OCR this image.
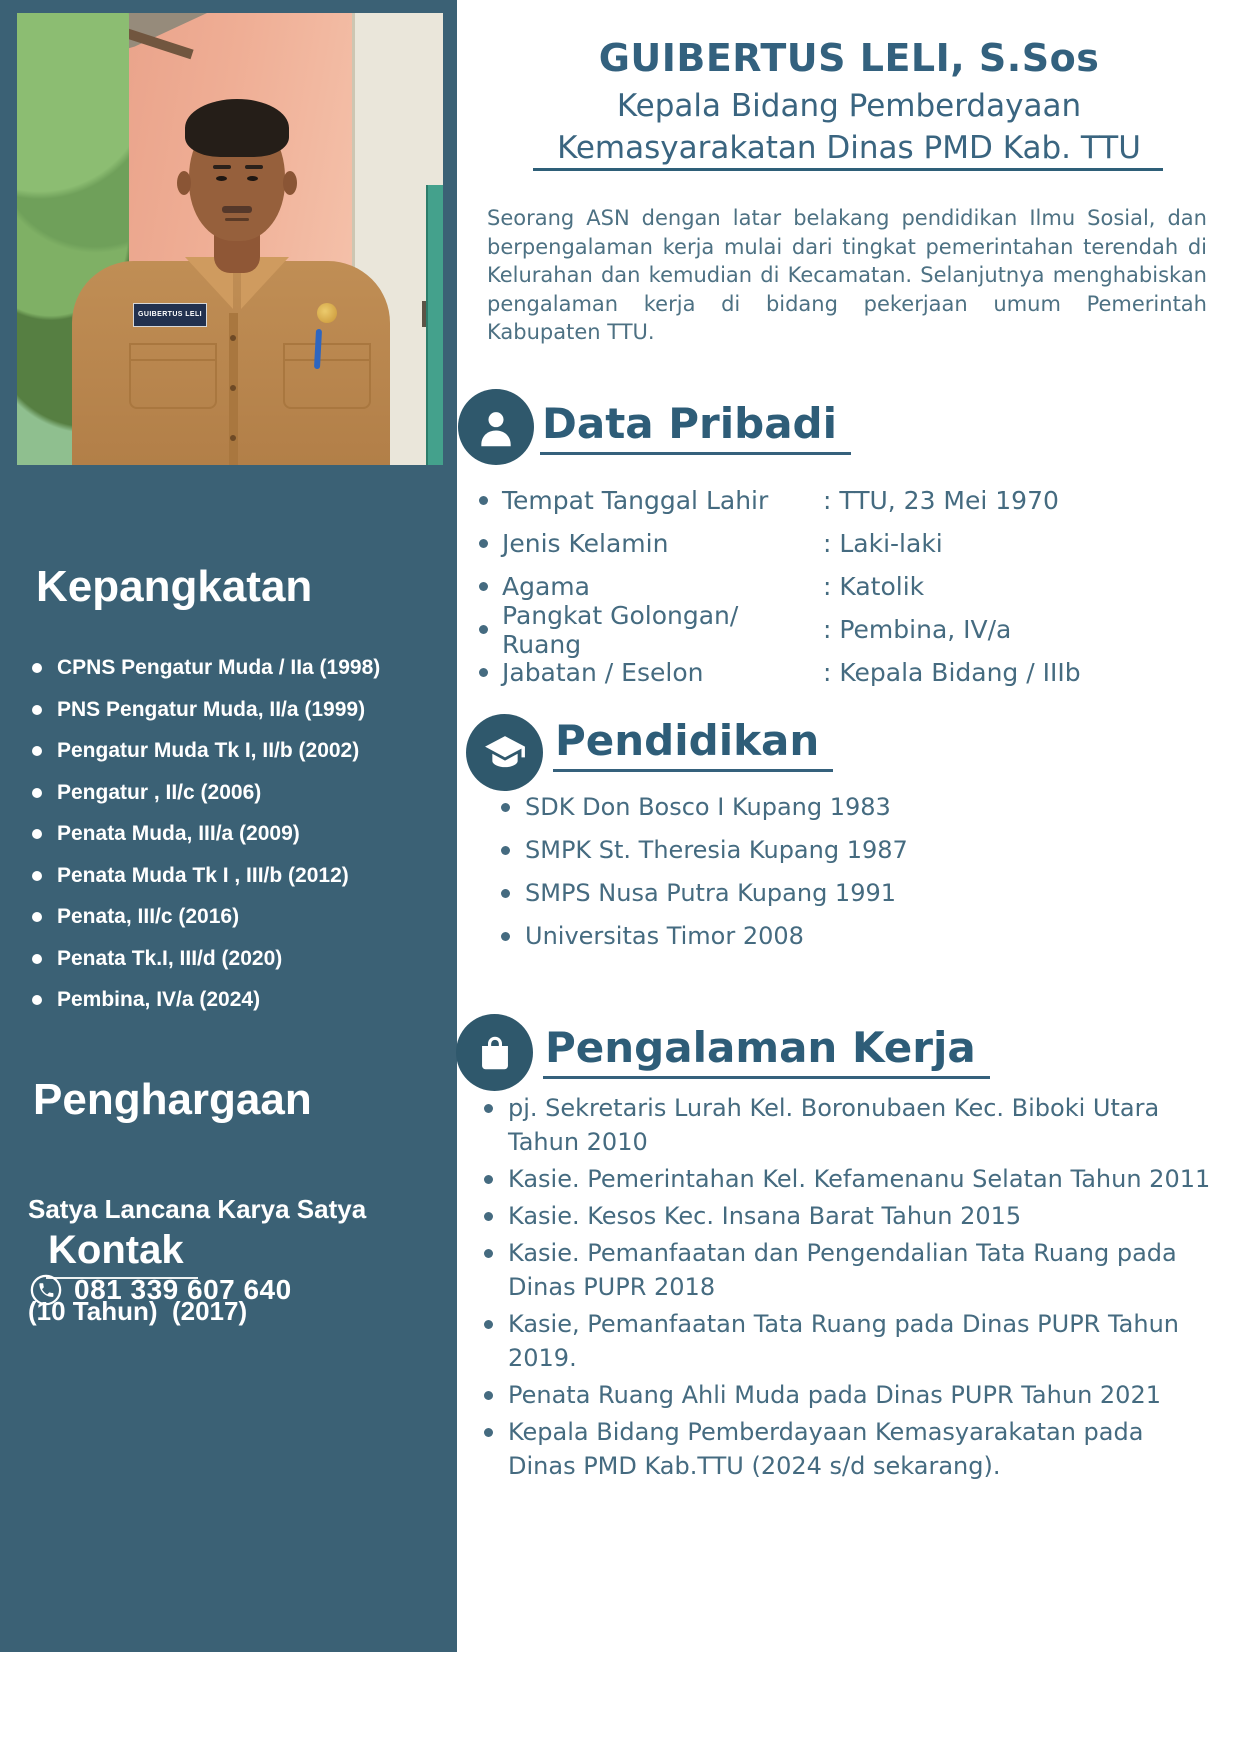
GUIBERTUS LELI
Kepangkatan
CPNS Pengatur Muda / IIa (1998)
PNS Pengatur Muda, II/a (1999)
Pengatur Muda Tk I, II/b (2002)
Pengatur , II/c (2006)
Penata Muda, III/a (2009)
Penata Muda Tk I , III/b (2012)
Penata, III/c (2016)
Penata Tk.I, III/d (2020)
Pembina, IV/a (2024)
Penghargaan

Satya Lancana Karya Satya

(10 Tahun)  (2017)

Kontak
081 339 607 640
GUIBERTUS LELI, S.Sos

Kepala Bidang Pemberdayaan

Kemasyarakatan Dinas PMD Kab. TTU

Seorang ASN dengan latar belakang pendidikan Ilmu Sosial, dan berpengalaman kerja mulai dari tingkat pemerintahan terendah di Kelurahan dan kemudian di Kecamatan. Selanjutnya menghabiskan pengalaman kerja di bidang pekerjaan umum Pemerintah Kabupaten TTU.

Data Pribadi
Tempat Tanggal Lahir	: TTU, 23 Mei 1970
Jenis Kelamin	: Laki-laki
Agama	: Katolik
Pangkat Golongan/ Ruang	: Pembina, IV/a
Jabatan / Eselon	: Kepala Bidang / IIIb
Pendidikan
SDK Don Bosco I Kupang 1983
SMPK St. Theresia Kupang 1987
SMPS Nusa Putra Kupang 1991
Universitas Timor 2008
Pengalaman Kerja
pj. Sekretaris Lurah Kel. Boronubaen Kec. Biboki Utara Tahun 2010
Kasie. Pemerintahan Kel. Kefamenanu Selatan Tahun 2011
Kasie. Kesos Kec. Insana Barat Tahun 2015
Kasie. Pemanfaatan dan Pengendalian Tata Ruang pada Dinas PUPR 2018
Kasie, Pemanfaatan Tata Ruang pada Dinas PUPR Tahun 2019.
Penata Ruang Ahli Muda pada Dinas PUPR Tahun 2021
Kepala Bidang Pemberdayaan Kemasyarakatan pada Dinas PMD Kab.TTU (2024 s/d sekarang).
